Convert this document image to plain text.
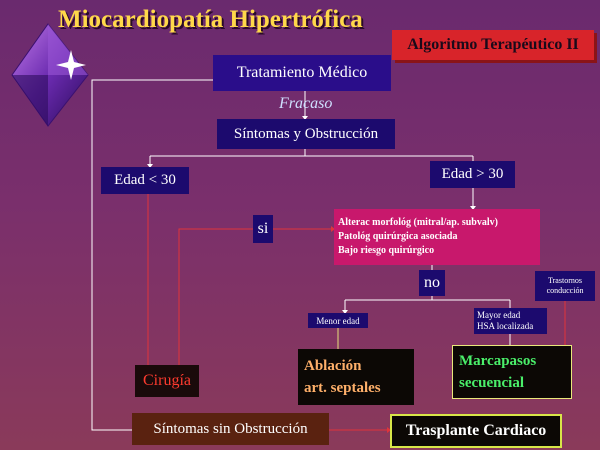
Miocardiopatía Hipertrófica
Algoritmo Terapéutico II
Tratamiento Médico
Fracaso
Síntomas y Obstrucción
Edad < 30	Edad > 30
si	Alterac morfológ (mitral/ap. subvalv)
Patológ quirúrgica asociada
Bajo riesgo quirúrgico
no	Trastornos conducción
Menor edad
Mayor edad
HSA localizada
Cirugía
Ablación
art. septales
Marcapasos
secuencial
Síntomas sin Obstrucción	Trasplante Cardiaco
